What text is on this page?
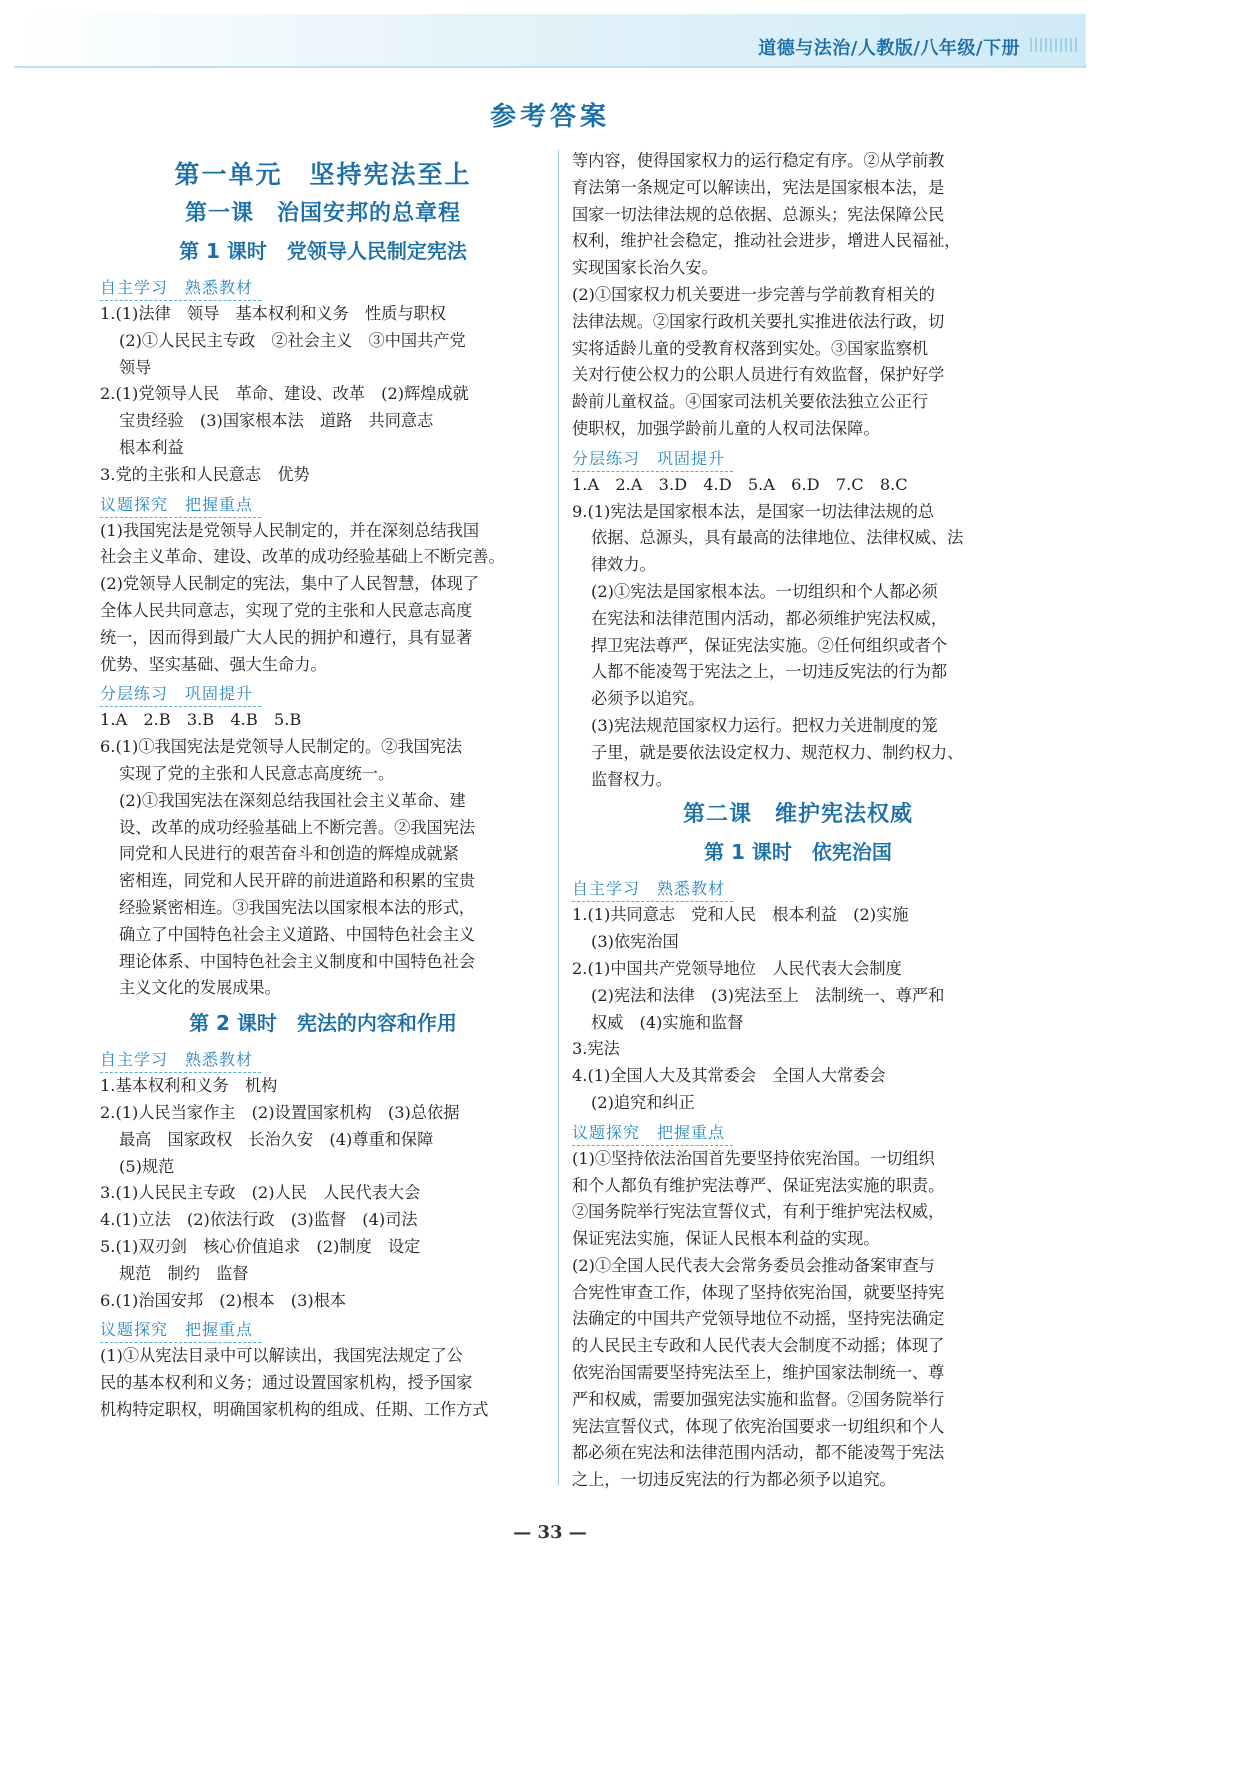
道德与法治/人教版/八年级/下册
参考答案
第一单元　坚持宪法至上
第一课　治国安邦的总章程
第 1 课时　党领导人民制定宪法
自主学习　熟悉教材
1.(1)法律　领导　基本权利和义务　性质与职权
(2)①人民民主专政　②社会主义　③中国共产党
领导
2.(1)党领导人民　革命、建设、改革　(2)辉煌成就
宝贵经验　(3)国家根本法　道路　共同意志
根本利益
3.党的主张和人民意志　优势
议题探究　把握重点
(1)我国宪法是党领导人民制定的，并在深刻总结我国
社会主义革命、建设、改革的成功经验基础上不断完善。
(2)党领导人民制定的宪法，集中了人民智慧，体现了
全体人民共同意志，实现了党的主张和人民意志高度
统一，因而得到最广大人民的拥护和遵行，具有显著
优势、坚实基础、强大生命力。
分层练习　巩固提升
1.A　2.B　3.B　4.B　5.B
6.(1)①我国宪法是党领导人民制定的。②我国宪法
实现了党的主张和人民意志高度统一。
(2)①我国宪法在深刻总结我国社会主义革命、建
设、改革的成功经验基础上不断完善。②我国宪法
同党和人民进行的艰苦奋斗和创造的辉煌成就紧
密相连，同党和人民开辟的前进道路和积累的宝贵
经验紧密相连。③我国宪法以国家根本法的形式，
确立了中国特色社会主义道路、中国特色社会主义
理论体系、中国特色社会主义制度和中国特色社会
主义文化的发展成果。
第 2 课时　宪法的内容和作用
自主学习　熟悉教材
1.基本权利和义务　机构
2.(1)人民当家作主　(2)设置国家机构　(3)总依据
最高　国家政权　长治久安　(4)尊重和保障
(5)规范
3.(1)人民民主专政　(2)人民　人民代表大会
4.(1)立法　(2)依法行政　(3)监督　(4)司法
5.(1)双刃剑　核心价值追求　(2)制度　设定
规范　制约　监督
6.(1)治国安邦　(2)根本　(3)根本
议题探究　把握重点
(1)①从宪法目录中可以解读出，我国宪法规定了公
民的基本权利和义务；通过设置国家机构，授予国家
机构特定职权，明确国家机构的组成、任期、工作方式
等内容，使得国家权力的运行稳定有序。②从学前教
育法第一条规定可以解读出，宪法是国家根本法，是
国家一切法律法规的总依据、总源头；宪法保障公民
权利，维护社会稳定，推动社会进步，增进人民福祉，
实现国家长治久安。
(2)①国家权力机关要进一步完善与学前教育相关的
法律法规。②国家行政机关要扎实推进依法行政，切
实将适龄儿童的受教育权落到实处。③国家监察机
关对行使公权力的公职人员进行有效监督，保护好学
龄前儿童权益。④国家司法机关要依法独立公正行
使职权，加强学龄前儿童的人权司法保障。
分层练习　巩固提升
1.A　2.A　3.D　4.D　5.A　6.D　7.C　8.C
9.(1)宪法是国家根本法，是国家一切法律法规的总
依据、总源头，具有最高的法律地位、法律权威、法
律效力。
(2)①宪法是国家根本法。一切组织和个人都必须
在宪法和法律范围内活动，都必须维护宪法权威，
捍卫宪法尊严，保证宪法实施。②任何组织或者个
人都不能凌驾于宪法之上，一切违反宪法的行为都
必须予以追究。
(3)宪法规范国家权力运行。把权力关进制度的笼
子里，就是要依法设定权力、规范权力、制约权力、
监督权力。
第二课　维护宪法权威
第 1 课时　依宪治国
自主学习　熟悉教材
1.(1)共同意志　党和人民　根本利益　(2)实施
(3)依宪治国
2.(1)中国共产党领导地位　人民代表大会制度
(2)宪法和法律　(3)宪法至上　法制统一、尊严和
权威　(4)实施和监督
3.宪法
4.(1)全国人大及其常委会　全国人大常委会
(2)追究和纠正
议题探究　把握重点
(1)①坚持依法治国首先要坚持依宪治国。一切组织
和个人都负有维护宪法尊严、保证宪法实施的职责。
②国务院举行宪法宣誓仪式，有利于维护宪法权威，
保证宪法实施，保证人民根本利益的实现。
(2)①全国人民代表大会常务委员会推动备案审查与
合宪性审查工作，体现了坚持依宪治国，就要坚持宪
法确定的中国共产党领导地位不动摇，坚持宪法确定
的人民民主专政和人民代表大会制度不动摇；体现了
依宪治国需要坚持宪法至上，维护国家法制统一、尊
严和权威，需要加强宪法实施和监督。②国务院举行
宪法宣誓仪式，体现了依宪治国要求一切组织和个人
都必须在宪法和法律范围内活动，都不能凌驾于宪法
之上，一切违反宪法的行为都必须予以追究。
— 33 —
